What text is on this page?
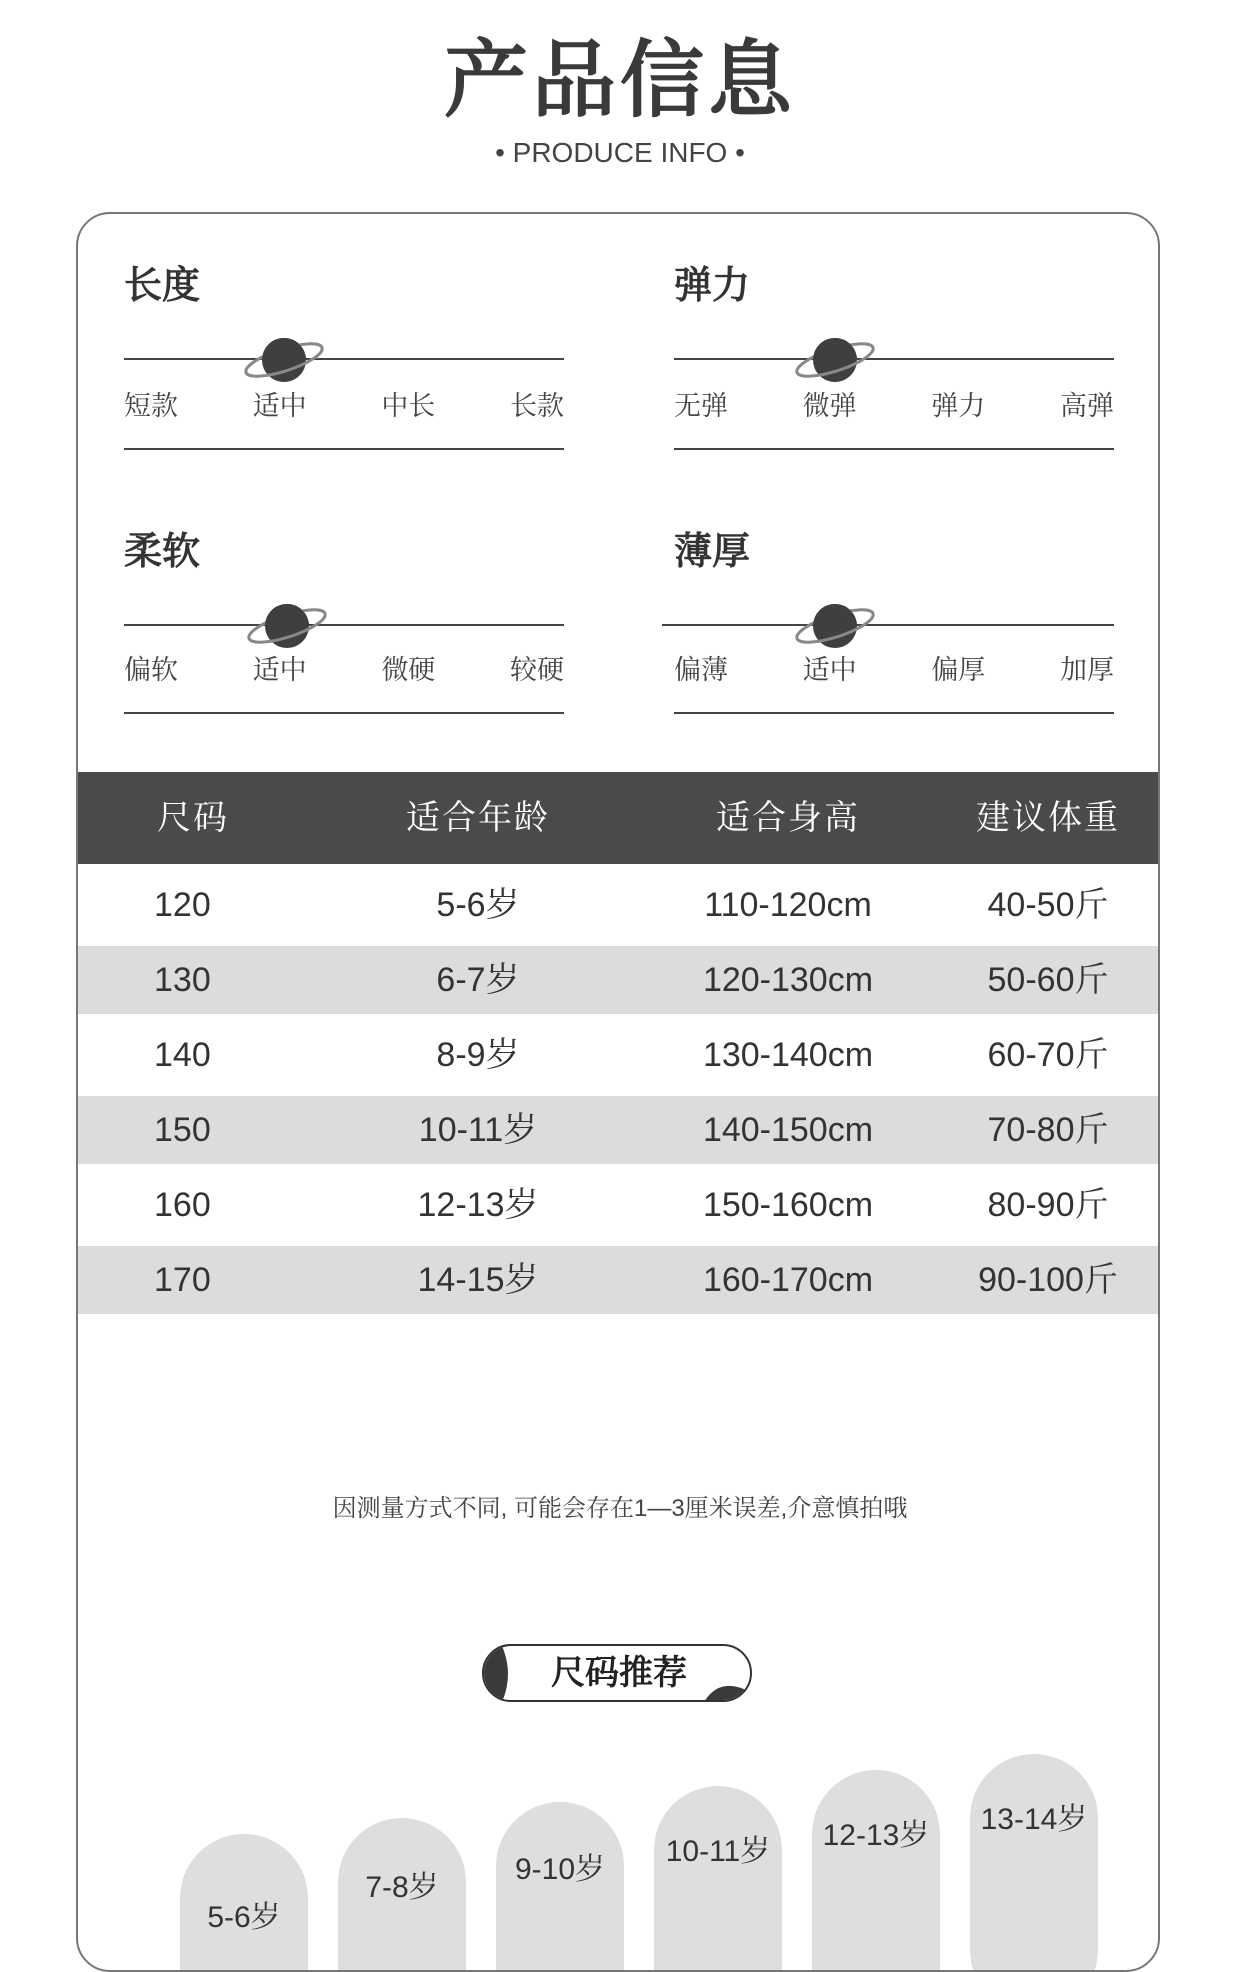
产品信息
• PRODUCE INFO •
长度
短款	适中	中长	长款
弹力
无弹	微弹	弹力	高弹
柔软
偏软	适中	微硬	较硬
薄厚
偏薄	适中	偏厚	加厚
尺码	适合年龄	适合身高	建议体重
120	5-6岁	110-120cm	40-50斤
130	6-7岁	120-130cm	50-60斤
140	8-9岁	130-140cm	60-70斤
150	10-11岁	140-150cm	70-80斤
160	12-13岁	150-160cm	80-90斤
170	14-15岁	160-170cm	90-100斤
因测量方式不同, 可能会存在1—3厘米误差,介意慎拍哦
尺码推荐
5-6岁
7-8岁
9-10岁
10-11岁	12-13岁	13-14岁
